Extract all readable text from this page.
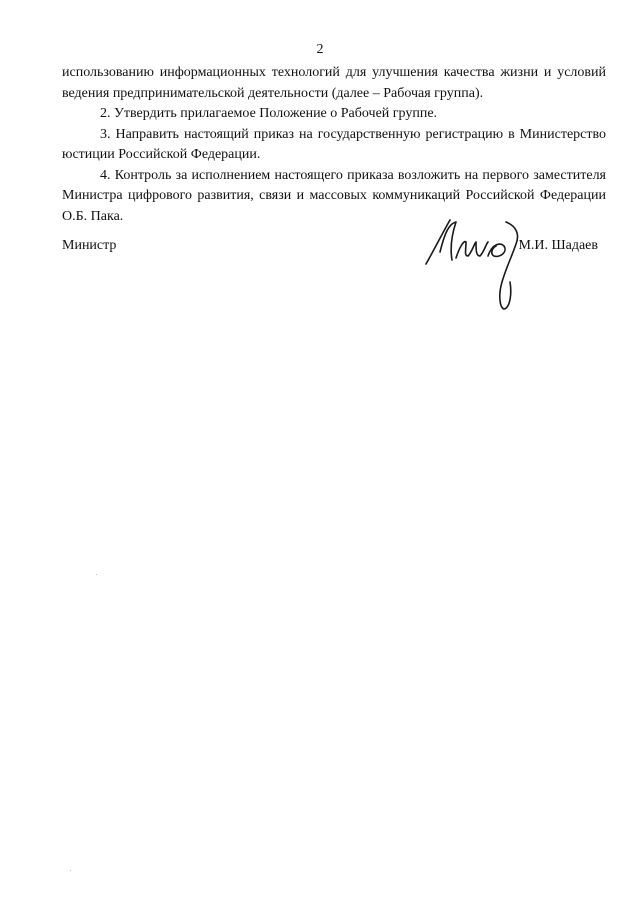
2

использованию информационных технологий для улучшения качества жизни и условий ведения предпринимательской деятельности (далее – Рабочая группа).

2. Утвердить прилагаемое Положение о Рабочей группе.

3. Направить настоящий приказ на государственную регистрацию в Министерство юстиции Российской Федерации.

4. Контроль за исполнением настоящего приказа возложить на первого заместителя Министра цифрового развития, связи и массовых коммуникаций Российской Федерации О.Б. Пака.

Министр	М.И. Шадаев
